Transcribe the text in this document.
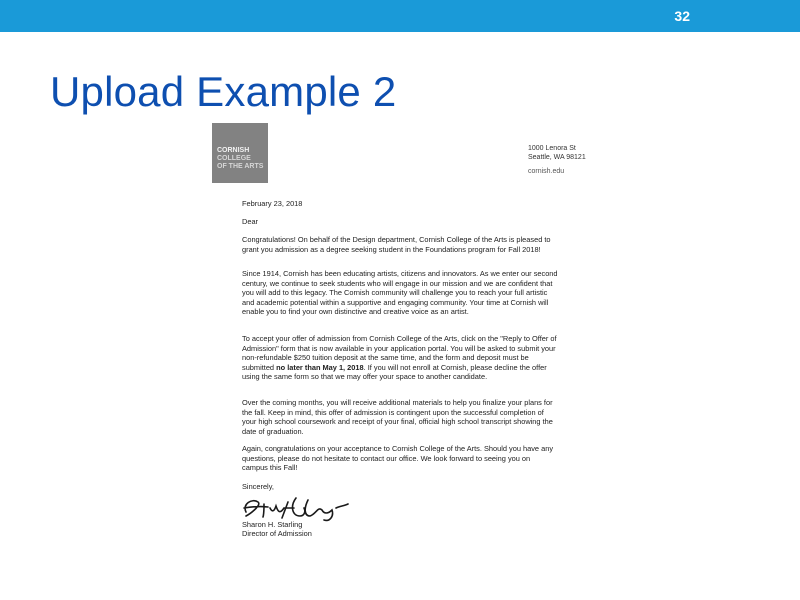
32
Upload Example 2
CORNISH
COLLEGE
OF THE ARTS
1000 Lenora St
Seattle, WA 98121
cornish.edu
February 23, 2018
Dear
Congratulations! On behalf of the Design department, Cornish College of the Arts is pleased to grant you admission as a degree seeking student in the Foundations program for Fall 2018!
Since 1914, Cornish has been educating artists, citizens and innovators. As we enter our second century, we continue to seek students who will engage in our mission and we are confident that you will add to this legacy. The Cornish community will challenge you to reach your full artistic and academic potential within a supportive and engaging community. Your time at Cornish will enable you to find your own distinctive and creative voice as an artist.
To accept your offer of admission from Cornish College of the Arts, click on the "Reply to Offer of Admission" form that is now available in your application portal. You will be asked to submit your non-refundable $250 tuition deposit at the same time, and the form and deposit must be submitted no later than May 1, 2018. If you will not enroll at Cornish, please decline the offer using the same form so that we may offer your space to another candidate.
Over the coming months, you will receive additional materials to help you finalize your plans for the fall. Keep in mind, this offer of admission is contingent upon the successful completion of your high school coursework and receipt of your final, official high school transcript showing the date of graduation.
Again, congratulations on your acceptance to Cornish College of the Arts. Should you have any questions, please do not hesitate to contact our office. We look forward to seeing you on campus this Fall!
Sincerely,
Sharon H. Starling
Director of Admission
